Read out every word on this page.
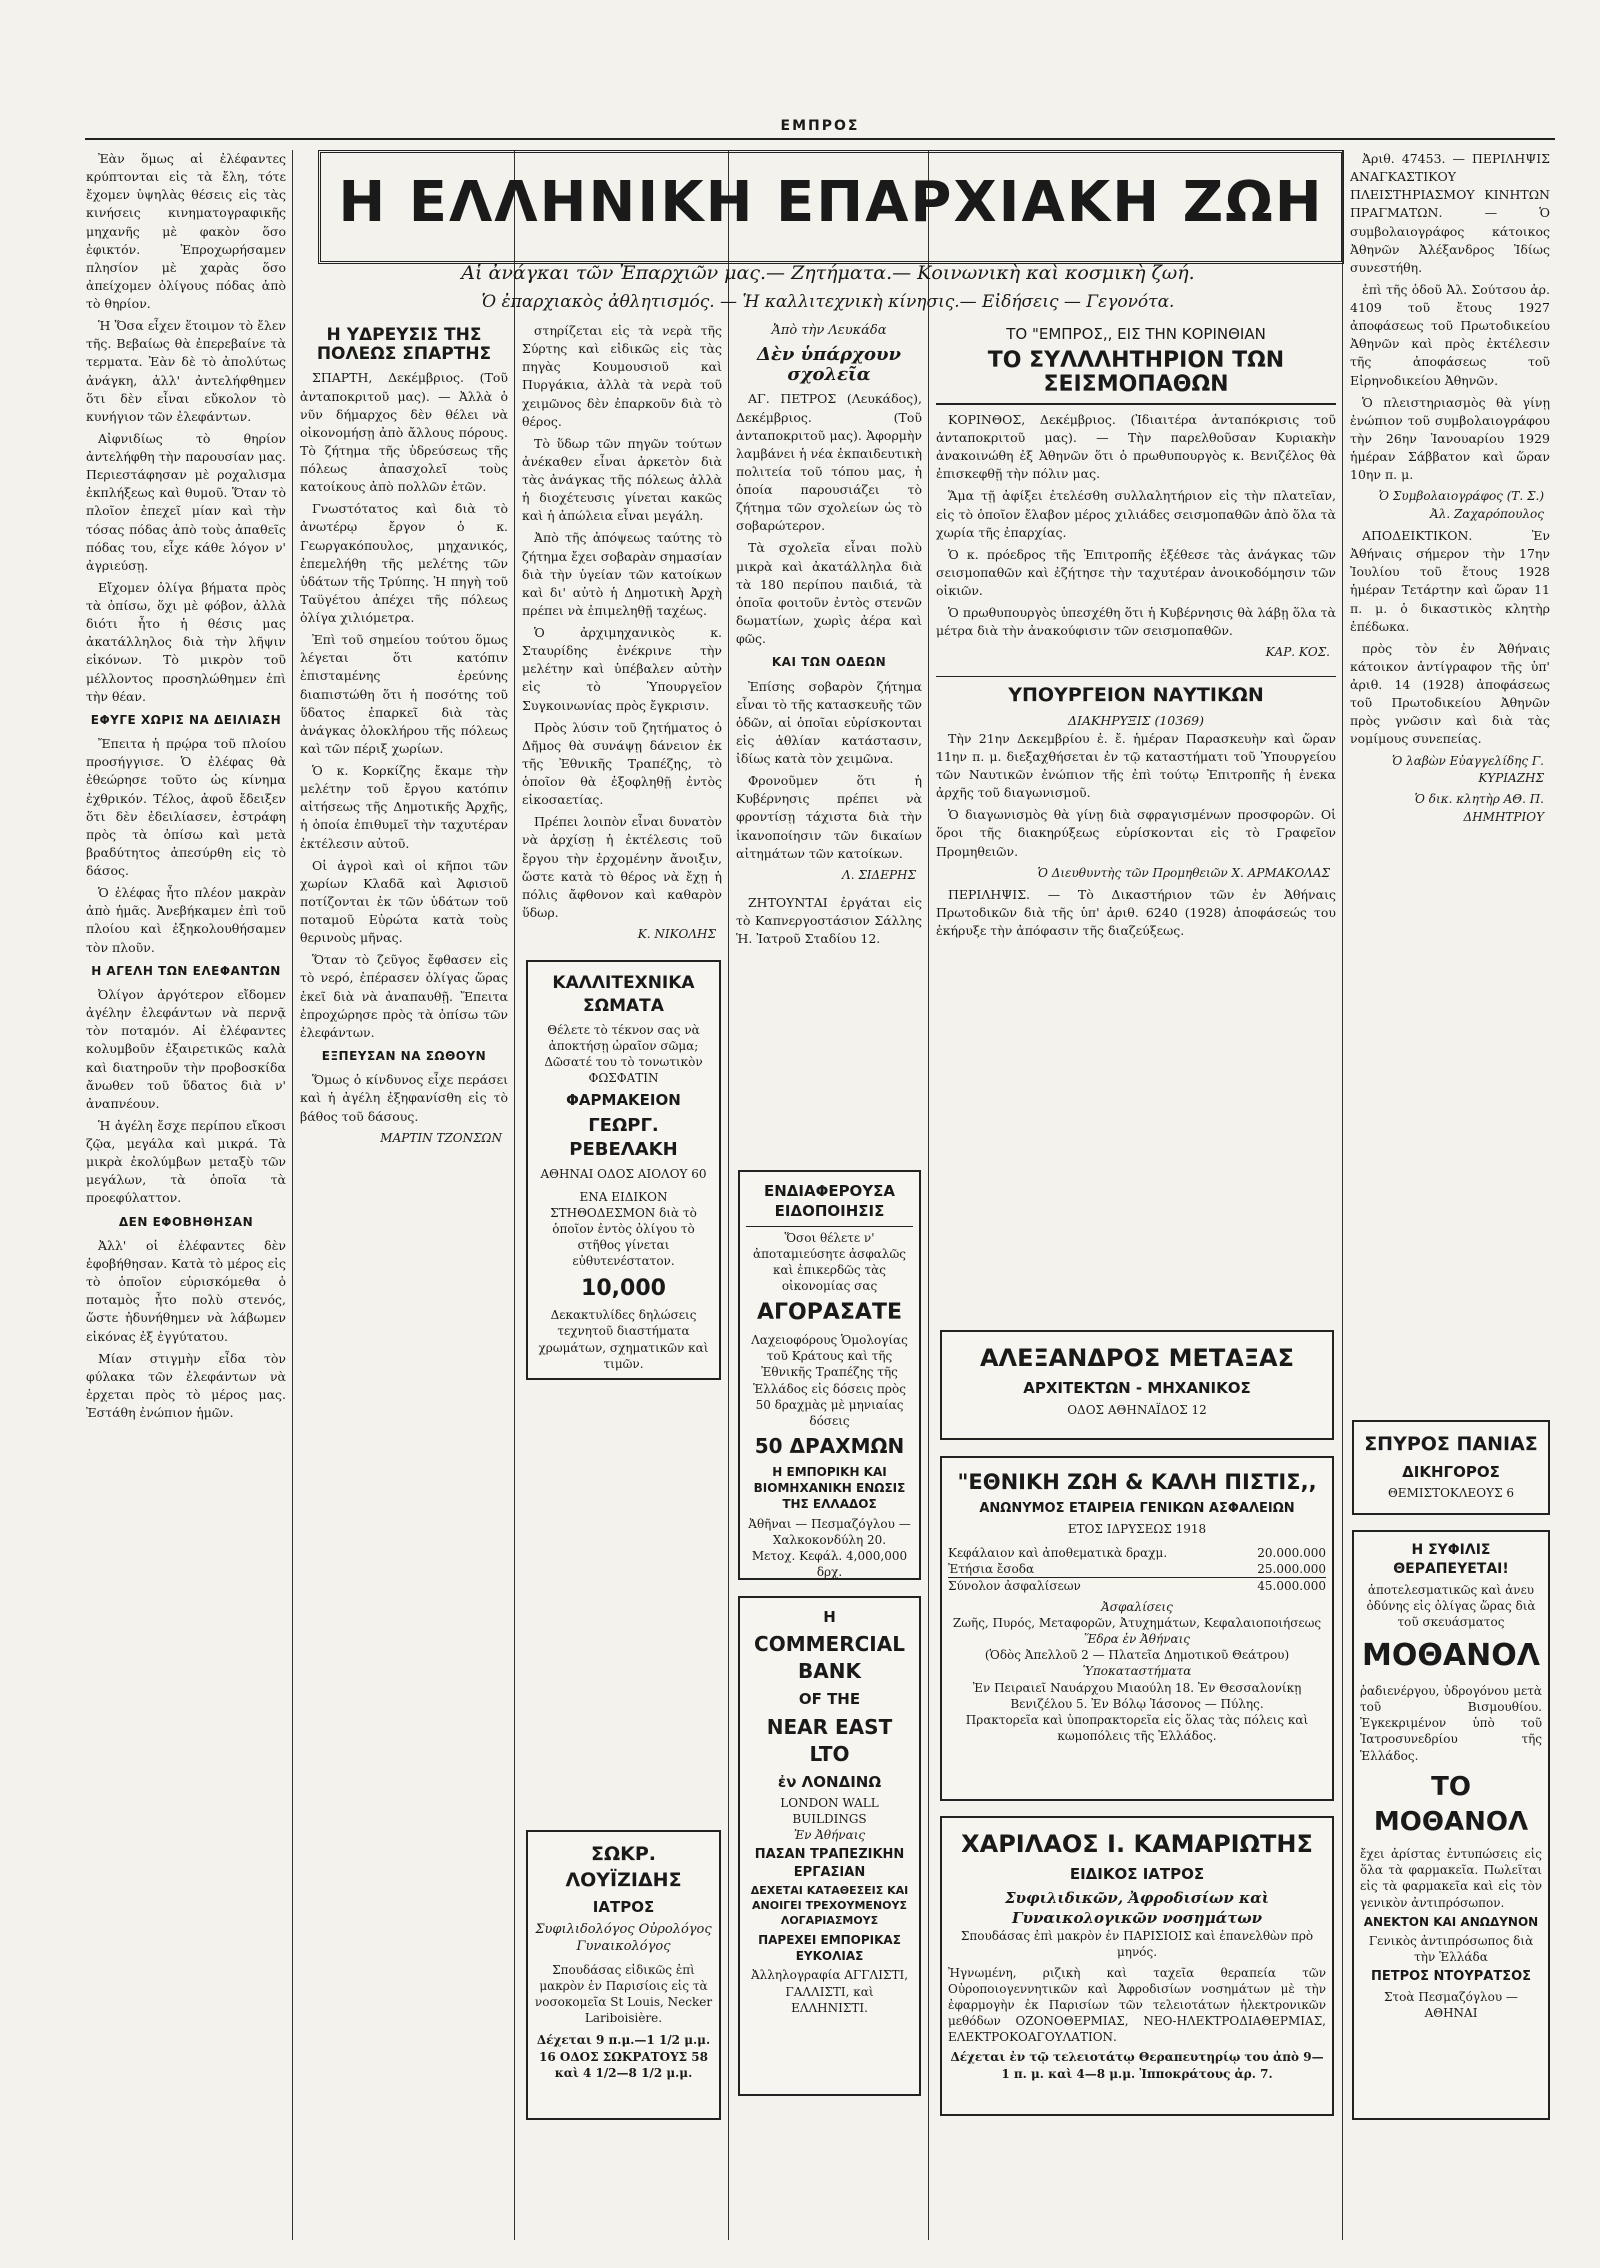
ΕΜΠΡΟΣ
Η ΕΛΛΗΝΙΚΗ ΕΠΑΡΧΙΑΚΗ ΖΩΗ
Αἱ ἀνάγκαι τῶν Ἐπαρχιῶν μας.— Ζητήματα.— Κοινωνικὴ καὶ κοσμικὴ ζωή.
Ὁ ἐπαρχιακὸς ἀθλητισμός. — Ἡ καλλιτεχνικὴ κίνησις.— Εἰδήσεις — Γεγονότα.

Ἐὰν ὅμως αἱ ἐλέφαντες κρύπτονται εἰς τὰ ἔλη, τότε ἔχομεν ὑψηλὰς θέσεις εἰς τὰς κινήσεις κινηματογραφικῆς μηχανῆς μὲ φακὸν ὅσο ἐφικτόν. Ἐπροχωρήσαμεν πλησίον μὲ χαρὰς ὅσο ἀπείχομεν ὀλίγους πόδας ἀπὸ τὸ θηρίον.

Ἡ Ὅσα εἶχεν ἕτοιμον τὸ ἔλεν τῆς. Βεβαίως θὰ ἐπερεβαίνε τὰ τερματα. Ἐὰν δὲ τὸ ἀπολύτως ἀνάγκη, ἀλλ' ἀντελήφθημεν ὅτι δὲν εἶναι εὔκολον τὸ κυνήγιον τῶν ἐλεφάντων.

Αἰφνιδίως τὸ θηρίον ἀντελήφθη τὴν παρουσίαν μας. Περιεστάφησαν μὲ ροχαλισμα ἐκπλήξεως καὶ θυμοῦ. Ὅταν τὸ πλοῖον ἐπεχεῖ μίαν καὶ τὴν τόσας πόδας ἀπὸ τοὺς ἀπαθεῖς πόδας του, εἶχε κάθε λόγον ν' ἀγριεύσῃ.

Εἴχομεν ὀλίγα βήματα πρὸς τὰ ὀπίσω, ὅχι μὲ φόβον, ἀλλὰ διότι ἦτο ἡ θέσις μας ἀκατάλληλος διὰ τὴν λῆψιν εἰκόνων. Τὸ μικρὸν τοῦ μέλλοντος προσηλώθημεν ἐπὶ τὴν θέαν.

ΕΦΥΓΕ ΧΩΡΙΣ ΝΑ ΔΕΙΛΙΑΣΗ

Ἔπειτα ἡ πρῴρα τοῦ πλοίου προσήγγισε. Ὁ ἐλέφας θὰ ἐθεώρησε τοῦτο ὡς κίνημα ἐχθρικόν. Τέλος, ἀφοῦ ἔδειξεν ὅτι δὲν ἐδειλίασεν, ἐστράφη πρὸς τὰ ὀπίσω καὶ μετὰ βραδύτητος ἀπεσύρθη εἰς τὸ δάσος.

Ὁ ἐλέφας ἦτο πλέον μακρὰν ἀπὸ ἡμᾶς. Ἀνεβήκαμεν ἐπὶ τοῦ πλοίου καὶ ἐξηκολουθήσαμεν τὸν πλοῦν.

Η ΑΓΕΛΗ ΤΩΝ ΕΛΕΦΑΝΤΩΝ

Ὀλίγον ἀργότερον εἴδομεν ἀγέλην ἐλεφάντων νὰ περνᾷ τὸν ποταμόν. Αἱ ἐλέφαντες κολυμβοῦν ἐξαιρετικῶς καλὰ καὶ διατηροῦν τὴν προβοσκίδα ἄνωθεν τοῦ ὕδατος διὰ ν' ἀναπνέουν.

Ἡ ἀγέλη ἔσχε περίπου εἴκοσι ζῷα, μεγάλα καὶ μικρά. Τὰ μικρὰ ἐκολύμβων μεταξὺ τῶν μεγάλων, τὰ ὁποῖα τὰ προεφύλαττον.

ΔΕΝ ΕΦΟΒΗΘΗΣΑΝ

Ἀλλ' οἱ ἐλέφαντες δὲν ἐφοβήθησαν. Κατὰ τὸ μέρος εἰς τὸ ὁποῖον εὑρισκόμεθα ὁ ποταμὸς ἦτο πολὺ στενός, ὥστε ἠδυνήθημεν νὰ λάβωμεν εἰκόνας ἐξ ἐγγύτατου.

Μίαν στιγμὴν εἶδα τὸν φύλακα τῶν ἐλεφάντων νὰ ἐρχεται πρὸς τὸ μέρος μας. Ἐστάθη ἐνώπιον ἡμῶν.

Η ΥΔΡΕΥΣΙΣ ΤΗΣ ΠΟΛΕΩΣ ΣΠΑΡΤΗΣ

ΣΠΑΡΤΗ, Δεκέμβριος. (Τοῦ ἀνταποκριτοῦ μας). — Ἀλλὰ ὁ νῦν δήμαρχος δὲν θέλει νὰ οἰκονομήσῃ ἀπὸ ἄλλους πόρους. Τὸ ζήτημα τῆς ὑδρεύσεως τῆς πόλεως ἀπασχολεῖ τοὺς κατοίκους ἀπὸ πολλῶν ἐτῶν.

Γνωστότατος καὶ διὰ τὸ ἀνωτέρῳ ἔργον ὁ κ. Γεωργακόπουλος, μηχανικός, ἐπεμελήθη τῆς μελέτης τῶν ὑδάτων τῆς Τρύπης. Ἡ πηγὴ τοῦ Ταϋγέτου ἀπέχει τῆς πόλεως ὀλίγα χιλιόμετρα.

Ἐπὶ τοῦ σημείου τούτου ὅμως λέγεται ὅτι κατόπιν ἐπισταμένης ἐρεύνης διαπιστώθη ὅτι ἡ ποσότης τοῦ ὕδατος ἐπαρκεῖ διὰ τὰς ἀνάγκας ὁλοκλήρου τῆς πόλεως καὶ τῶν πέριξ χωρίων.

Ὁ κ. Κορκίζης ἔκαμε τὴν μελέτην τοῦ ἔργου κατόπιν αἰτήσεως τῆς Δημοτικῆς Ἀρχῆς, ἡ ὁποία ἐπιθυμεῖ τὴν ταχυτέραν ἐκτέλεσιν αὐτοῦ.

Οἱ ἀγροὶ καὶ οἱ κῆποι τῶν χωρίων Κλαδᾶ καὶ Ἀφισιοῦ ποτίζονται ἐκ τῶν ὑδάτων τοῦ ποταμοῦ Εὐρώτα κατὰ τοὺς θερινοὺς μῆνας.

Ὅταν τὸ ζεῦγος ἔφθασεν εἰς τὸ νερό, ἐπέρασεν ὀλίγας ὥρας ἐκεῖ διὰ νὰ ἀναπαυθῇ. Ἔπειτα ἐπροχώρησε πρὸς τὰ ὀπίσω τῶν ἐλεφάντων.

ΕΞΠΕΥΣΑΝ ΝΑ ΣΩΘΟΥΝ

Ὅμως ὁ κίνδυνος εἶχε περάσει καὶ ἡ ἀγέλη ἐξηφανίσθη εἰς τὸ βάθος τοῦ δάσους.

ΜΑΡΤΙΝ ΤΖΟΝΣΩΝ

στηρίζεται εἰς τὰ νερὰ τῆς Σύρτης καὶ εἰδικῶς εἰς τὰς πηγὰς Κουμουσιοῦ καὶ Πυργάκια, ἀλλὰ τὰ νερὰ τοῦ χειμῶνος δὲν ἐπαρκοῦν διὰ τὸ θέρος.

Τὸ ὕδωρ τῶν πηγῶν τούτων ἀνέκαθεν εἶναι ἀρκετὸν διὰ τὰς ἀνάγκας τῆς πόλεως ἀλλὰ ἡ διοχέτευσις γίνεται κακῶς καὶ ἡ ἀπώλεια εἶναι μεγάλη.

Ἀπὸ τῆς ἀπόψεως ταύτης τὸ ζήτημα ἔχει σοβαρὰν σημασίαν διὰ τὴν ὑγείαν τῶν κατοίκων καὶ δι' αὐτὸ ἡ Δημοτικὴ Ἀρχὴ πρέπει νὰ ἐπιμεληθῇ ταχέως.

Ὁ ἀρχιμηχανικὸς κ. Σταυρίδης ἐνέκρινε τὴν μελέτην καὶ ὑπέβαλεν αὐτὴν εἰς τὸ Ὑπουργεῖον Συγκοινωνίας πρὸς ἔγκρισιν.

Πρὸς λύσιν τοῦ ζητήματος ὁ Δῆμος θὰ συνάψῃ δάνειον ἐκ τῆς Ἐθνικῆς Τραπέζης, τὸ ὁποῖον θὰ ἐξοφληθῇ ἐντὸς εἰκοσαετίας.

Πρέπει λοιπὸν εἶναι δυνατὸν νὰ ἀρχίσῃ ἡ ἐκτέλεσις τοῦ ἔργου τὴν ἐρχομένην ἄνοιξιν, ὥστε κατὰ τὸ θέρος νὰ ἔχῃ ἡ πόλις ἄφθονον καὶ καθαρὸν ὕδωρ.

Κ. ΝΙΚΟΛΗΣ
ΚΑΛΛΙΤΕΧΝΙΚΑ ΣΩΜΑΤΑ
Θέλετε τὸ τέκνον σας νὰ ἀποκτήσῃ ὡραῖον σῶμα; Δῶσατέ του τὸ τονωτικὸν ΦΩΣΦΑΤΙΝ
ΦΑΡΜΑΚΕΙΟΝ
ΓΕΩΡΓ. ΡΕΒΕΛΑΚΗ
ΑΘΗΝΑΙ ΟΔΟΣ ΑΙΟΛΟΥ 60
ΕΝΑ ΕΙΔΙΚΟΝ ΣΤΗΘΟΔΕΣΜΟΝ διὰ τὸ ὁποῖον ἐντὸς ὀλίγου τὸ στῆθος γίνεται εὐθυτενέστατον.
10,000
Δεκακτυλίδες δηλώσεις τεχνητοῦ διαστήματα χρωμάτων, σχηματικῶν καὶ τιμῶν.
ΣΩΚΡ. ΛΟΥΪΖΙΔΗΣ
ΙΑΤΡΟΣ
Συφιλιδολόγος Οὐρολόγος Γυναικολόγος
Σπουδάσας εἰδικῶς ἐπὶ μακρὸν ἐν Παρισίοις εἰς τὰ νοσοκομεῖα St Louis, Necker Lariboisière.
Δέχεται 9 π.μ.—1 1/2 μ.μ. 16 ΟΔΟΣ ΣΩΚΡΑΤΟΥΣ 58 καὶ 4 1/2—8 1/2 μ.μ.
Ἀπὸ τὴν Λευκάδα
Δὲν ὑπάρχουν σχολεῖα

ΑΓ. ΠΕΤΡΟΣ (Λευκάδος), Δεκέμβριος. (Τοῦ ἀνταποκριτοῦ μας). Ἀφορμὴν λαμβάνει ἡ νέα ἐκπαιδευτικὴ πολιτεία τοῦ τόπου μας, ἡ ὁποία παρουσιάζει τὸ ζήτημα τῶν σχολείων ὡς τὸ σοβαρώτερον.

Τὰ σχολεῖα εἶναι πολὺ μικρὰ καὶ ἀκατάλληλα διὰ τὰ 180 περίπου παιδιά, τὰ ὁποῖα φοιτοῦν ἐντὸς στενῶν δωματίων, χωρὶς ἀέρα καὶ φῶς.

ΚΑΙ ΤΩΝ ΟΔΕΩΝ

Ἐπίσης σοβαρὸν ζήτημα εἶναι τὸ τῆς κατασκευῆς τῶν ὁδῶν, αἱ ὁποῖαι εὑρίσκονται εἰς ἀθλίαν κατάστασιν, ἰδίως κατὰ τὸν χειμῶνα.

Φρονοῦμεν ὅτι ἡ Κυβέρνησις πρέπει νὰ φροντίσῃ τάχιστα διὰ τὴν ἱκανοποίησιν τῶν δικαίων αἰτημάτων τῶν κατοίκων.

Λ. ΣΙΔΕΡΗΣ

ΖΗΤΟΥΝΤΑΙ ἐργάται εἰς τὸ Καπνεργοστάσιον Σάλλης Ἡ. Ἰατροῦ Σταδίου 12.

ΕΝΔΙΑΦΕΡΟΥΣΑ ΕΙΔΟΠΟΙΗΣΙΣ
Ὅσοι θέλετε ν' ἀποταμιεύσητε ἀσφαλῶς καὶ ἐπικερδῶς τὰς οἰκονομίας σας
ΑΓΟΡΑΣΑΤΕ
Λαχειοφόρους Ὁμολογίας τοῦ Κράτους καὶ τῆς Ἐθνικῆς Τραπέζης τῆς Ἑλλάδος εἰς δόσεις πρὸς 50 δραχμὰς μὲ μηνιαίας δόσεις
50 ΔΡΑΧΜΩΝ
Η ΕΜΠΟΡΙΚΗ ΚΑΙ ΒΙΟΜΗΧΑΝΙΚΗ ΕΝΩΣΙΣ ΤΗΣ ΕΛΛΑΔΟΣ
Ἀθῆναι — Πεσμαζόγλου — Χαλκοκονδύλη 20.
Μετοχ. Κεφάλ. 4,000,000 δρχ.
Η
COMMERCIAL BANK
OF THE
NEAR EAST LTO
ἐν ΛΟΝΔΙΝΩ
LONDON WALL BUILDINGS
Ἐν Ἀθήναις
ΠΑΣΑΝ ΤΡΑΠΕΖΙΚΗΝ ΕΡΓΑΣΙΑΝ
ΔΕΧΕΤΑΙ ΚΑΤΑΘΕΣΕΙΣ ΚΑΙ ΑΝΟΙΓΕΙ ΤΡΕΧΟΥΜΕΝΟΥΣ ΛΟΓΑΡΙΑΣΜΟΥΣ
ΠΑΡΕΧΕΙ ΕΜΠΟΡΙΚΑΣ ΕΥΚΟΛΙΑΣ
Ἀλληλογραφία ΑΓΓΛΙΣΤΙ, ΓΑΛΛΙΣΤΙ, καὶ ΕΛΛΗΝΙΣΤΙ.
ΤΟ "ΕΜΠΡΟΣ,, ΕΙΣ ΤΗΝ ΚΟΡΙΝΘΙΑΝ
ΤΟ ΣΥΛΛΛΗΤΗΡΙΟΝ ΤΩΝ ΣΕΙΣΜΟΠΑΘΩΝ

ΚΟΡΙΝΘΟΣ, Δεκέμβριος. (Ἰδιαιτέρα ἀνταπόκρισις τοῦ ἀνταποκριτοῦ μας). — Τὴν παρελθοῦσαν Κυριακὴν ἀνακοινώθη ἐξ Ἀθηνῶν ὅτι ὁ πρωθυπουργὸς κ. Βενιζέλος θὰ ἐπισκεφθῇ τὴν πόλιν μας.

Ἅμα τῇ ἀφίξει ἐτελέσθη συλλαλητήριον εἰς τὴν πλατεῖαν, εἰς τὸ ὁποῖον ἔλαβον μέρος χιλιάδες σεισμοπαθῶν ἀπὸ ὅλα τὰ χωρία τῆς ἐπαρχίας.

Ὁ κ. πρόεδρος τῆς Ἐπιτροπῆς ἐξέθεσε τὰς ἀνάγκας τῶν σεισμοπαθῶν καὶ ἐζήτησε τὴν ταχυτέραν ἀνοικοδόμησιν τῶν οἰκιῶν.

Ὁ πρωθυπουργὸς ὑπεσχέθη ὅτι ἡ Κυβέρνησις θὰ λάβῃ ὅλα τὰ μέτρα διὰ τὴν ἀνακούφισιν τῶν σεισμοπαθῶν.

ΚΑΡ. ΚΟΣ.
ΥΠΟΥΡΓΕΙΟΝ ΝΑΥΤΙΚΩΝ
ΔΙΑΚΗΡΥΞΙΣ (10369)

Τὴν 21ην Δεκεμβρίου ἐ. ἔ. ἡμέραν Παρασκευὴν καὶ ὥραν 11ην π. μ. διεξαχθήσεται ἐν τῷ καταστήματι τοῦ Ὑπουργείου τῶν Ναυτικῶν ἐνώπιον τῆς ἐπὶ τούτῳ Ἐπιτροπῆς ἡ ἐνεκα ἀρχῆς τοῦ διαγωνισμοῦ.

Ὁ διαγωνισμὸς θὰ γίνῃ διὰ σφραγισμένων προσφορῶν. Οἱ ὅροι τῆς διακηρύξεως εὑρίσκονται εἰς τὸ Γραφεῖον Προμηθειῶν.

Ὁ Διευθυντὴς τῶν Προμηθειῶν Χ. ΑΡΜΑΚΟΛΑΣ

ΠΕΡΙΛΗΨΙΣ. — Τὸ Δικαστήριον τῶν ἐν Ἀθήναις Πρωτοδικῶν διὰ τῆς ὑπ' ἀριθ. 6240 (1928) ἀποφάσεώς του ἐκήρυξε τὴν ἀπόφασιν τῆς διαζεύξεως.

ΑΛΕΞΑΝΔΡΟΣ ΜΕΤΑΞΑΣ
ΑΡΧΙΤΕΚΤΩΝ - ΜΗΧΑΝΙΚΟΣ
ΟΔΟΣ ΑΘΗΝΑΪΔΟΣ 12
"ΕΘΝΙΚΗ ΖΩΗ & ΚΑΛΗ ΠΙΣΤΙΣ,,
ΑΝΩΝΥΜΟΣ ΕΤΑΙΡΕΙΑ ΓΕΝΙΚΩΝ ΑΣΦΑΛΕΙΩΝ
ΕΤΟΣ ΙΔΡΥΣΕΩΣ 1918
Κεφάλαιον καὶ ἀποθεματικὰ δραχμ.	20.000.000
Ἐτήσια ἔσοδα	25.000.000
Σύνολον ἀσφαλίσεων	45.000.000
Ἀσφαλίσεις
Ζωῆς, Πυρός, Μεταφορῶν, Ἀτυχημάτων, Κεφαλαιοποιήσεως
Ἕδρα ἐν Ἀθήναις
(Ὁδὸς Ἀπελλοῦ 2 — Πλατεῖα Δημοτικοῦ Θεάτρου)
Ὑποκαταστήματα
Ἐν Πειραιεῖ Ναυάρχου Μιαούλη 18. Ἐν Θεσσαλονίκῃ Βενιζέλου 5. Ἐν Βόλῳ Ἰάσονος — Πύλης.
Πρακτορεῖα καὶ ὑποπρακτορεῖα εἰς ὅλας τὰς πόλεις καὶ κωμοπόλεις τῆς Ἑλλάδος.
ΧΑΡΙΛΑΟΣ Ι. ΚΑΜΑΡΙΩΤΗΣ
ΕΙΔΙΚΟΣ ΙΑΤΡΟΣ
Συφιλιδικῶν, Ἀφροδισίων καὶ Γυναικολογικῶν νοσημάτων
Σπουδάσας ἐπὶ μακρὸν ἐν ΠΑΡΙΣΙΟΙΣ καὶ ἐπανελθὼν πρὸ μηνός.
Ἠγνωμένη, ριζικὴ καὶ ταχεῖα θεραπεία τῶν Οὐροποιογεννητικῶν καὶ Ἀφροδισίων νοσημάτων μὲ τὴν ἐφαρμογὴν ἐκ Παρισίων τῶν τελειοτάτων ἠλεκτρονικῶν μεθόδων ΟΖΟΝΟΘΕΡΜΙΑΣ, ΝΕΟ-ΗΛΕΚΤΡΟΔΙΑΘΕΡΜΙΑΣ, ΕΛΕΚΤΡΟΚΟΑΓΟΥΛΑΤΙΟΝ.
Δέχεται ἐν τῷ τελειοτάτῳ Θεραπευτηρίῳ του ἀπὸ 9—1 π. μ. καὶ 4—8 μ.μ. Ἰπποκράτους ἀρ. 7.

Ἀριθ. 47453. — ΠΕΡΙΛΗΨΙΣ ΑΝΑΓΚΑΣΤΙΚΟΥ ΠΛΕΙΣΤΗΡΙΑΣΜΟΥ ΚΙΝΗΤΩΝ ΠΡΑΓΜΑΤΩΝ. — Ὁ συμβολαιογράφος κάτοικος Ἀθηνῶν Ἀλέξανδρος Ἰδίως συνεστήθη.

ἐπὶ τῆς ὁδοῦ Ἀλ. Σούτσου ἀρ. 4109 τοῦ ἔτους 1927 ἀποφάσεως τοῦ Πρωτοδικείου Ἀθηνῶν καὶ πρὸς ἐκτέλεσιν τῆς ἀποφάσεως τοῦ Εἰρηνοδικείου Ἀθηνῶν.

Ὁ πλειστηριασμὸς θὰ γίνῃ ἐνώπιον τοῦ συμβολαιογράφου τὴν 26ην Ἰανουαρίου 1929 ἡμέραν Σάββατον καὶ ὥραν 10ην π. μ.

Ὁ Συμβολαιογράφος (Τ. Σ.) Ἀλ. Ζαχαρόπουλος

ΑΠΟΔΕΙΚΤΙΚΟΝ. Ἐν Ἀθήναις σήμερον τὴν 17ην Ἰουλίου τοῦ ἔτους 1928 ἡμέραν Τετάρτην καὶ ὥραν 11 π. μ. ὁ δικαστικὸς κλητὴρ ἐπέδωκα.

πρὸς τὸν ἐν Ἀθήναις κάτοικον ἀντίγραφον τῆς ὑπ' ἀριθ. 14 (1928) ἀποφάσεως τοῦ Πρωτοδικείου Ἀθηνῶν πρὸς γνῶσιν καὶ διὰ τὰς νομίμους συνεπείας.

Ὁ λαβὼν Εὐαγγελίδης Γ. ΚΥΡΙΑΖΗΣ
Ὁ δικ. κλητὴρ ΑΘ. Π. ΔΗΜΗΤΡΙΟΥ
ΣΠΥΡΟΣ ΠΑΝΙΑΣ
ΔΙΚΗΓΟΡΟΣ
ΘΕΜΙΣΤΟΚΛΕΟΥΣ 6
Η ΣΥΦΙΛΙΣ ΘΕΡΑΠΕΥΕΤΑΙ!
ἀποτελεσματικῶς καὶ ἀνευ ὀδύνης εἰς ὀλίγας ὥρας διὰ τοῦ σκευάσματος
ΜΟΘΑΝΟΛ
ῥαδιενέργου, ὑδρογόνου μετὰ τοῦ Βισμουθίου. Ἐγκεκριμένον ὑπὸ τοῦ Ἰατροσυνεδρίου τῆς Ἑλλάδος.
ΤΟ ΜΟΘΑΝΟΛ
ἔχει ἀρίστας ἐντυπώσεις εἰς ὅλα τὰ φαρμακεῖα. Πωλεῖται εἰς τὰ φαρμακεῖα καὶ εἰς τὸν γενικὸν ἀντιπρόσωπον.
ΑΝΕΚΤΟΝ ΚΑΙ ΑΝΩΔΥΝΟΝ
Γενικὸς ἀντιπρόσωπος διὰ τὴν Ἑλλάδα
ΠΕΤΡΟΣ ΝΤΟΥΡΑΤΣΟΣ
Στοὰ Πεσμαζόγλου — ΑΘΗΝΑΙ
